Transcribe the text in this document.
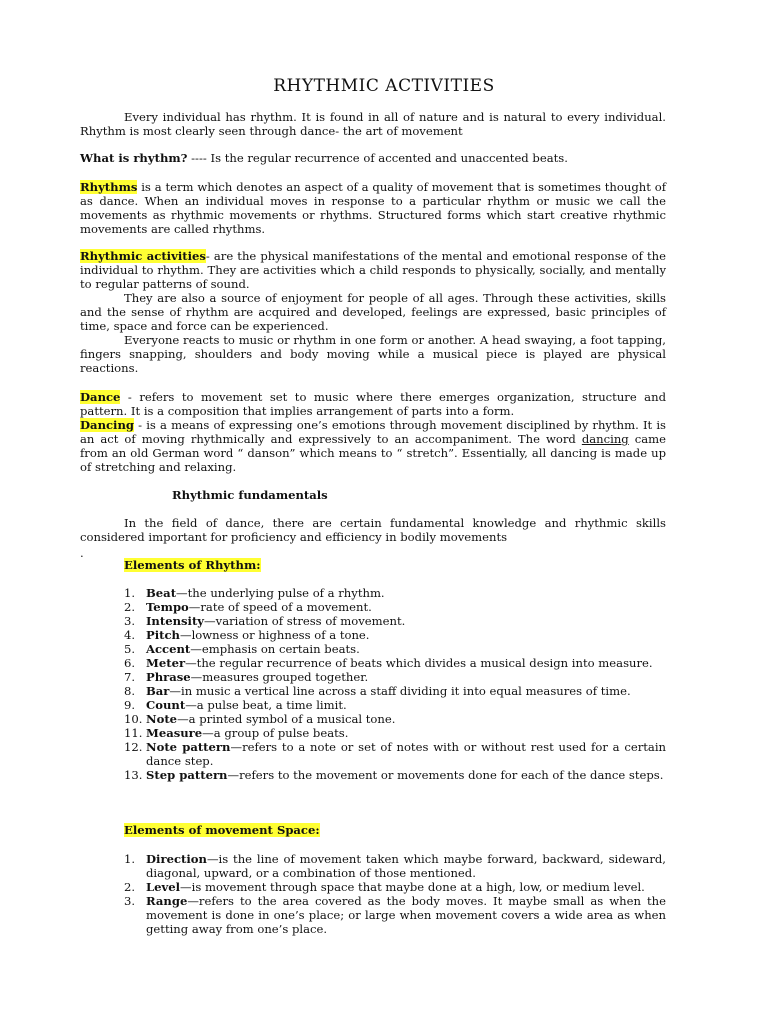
RHYTHMIC ACTIVITIES

Every individual has rhythm. It is found in all of nature and is natural to every individual. Rhythm is most clearly seen through dance- the art of movement

What is rhythm? ---- Is the regular recurrence of accented and unaccented beats.

Rhythms is a term which denotes an aspect of a quality of movement that is sometimes thought of as dance. When an individual moves in response to a particular rhythm or music we call the movements as rhythmic movements or rhythms. Structured forms which start creative rhythmic movements are called rhythms.

Rhythmic activities- are the physical manifestations of the mental and emotional response of the individual to rhythm. They are activities which a child responds to physically, socially, and mentally to regular patterns of sound.

They are also a source of enjoyment for people of all ages. Through these activities, skills and the sense of rhythm are acquired and developed, feelings are expressed, basic principles of time, space and force can be experienced.

Everyone reacts to music or rhythm in one form or another. A head swaying, a foot tapping, fingers snapping, shoulders and body moving while a musical piece is played are physical reactions.

Dance - refers to movement set to music where there emerges organization, structure and pattern. It is a composition that implies arrangement of parts into a form.

Dancing - is a means of expressing one’s emotions through movement disciplined by rhythm. It is an act of moving rhythmically and expressively to an accompaniment. The word dancing came from an old German word “ danson” which means to “ stretch”. Essentially, all dancing is made up of stretching and relaxing.

Rhythmic fundamentals

In the field of dance, there are certain fundamental knowledge and rhythmic skills considered important for proficiency and efficiency in bodily movements

.
Elements of Rhythm:
1. Beat—the underlying pulse of a rhythm.
2. Tempo—rate of speed of a movement.
3. Intensity—variation of stress of movement.
4. Pitch—lowness or highness of a tone.
5. Accent—emphasis on certain beats.
6. Meter—the regular recurrence of beats which divides a musical design into measure.
7. Phrase—measures grouped together.
8. Bar—in music a vertical line across a staff dividing it into equal measures of time.
9. Count—a pulse beat, a time limit.
10. Note—a printed symbol of a musical tone.
11. Measure—a group of pulse beats.
12. Note pattern—refers to a note or set of notes with or without rest used for a certain dance step.
13. Step pattern—refers to the movement or movements done for each of the dance steps.
Elements of movement Space:
1. Direction—is the line of movement taken which maybe forward, backward, sideward, diagonal, upward, or a combination of those mentioned.
2. Level—is movement through space that maybe done at a high, low, or medium level.
3. Range—refers to the area covered as the body moves. It maybe small as when the movement is done in one’s place; or large when movement covers a wide area as when getting away from one’s place.
